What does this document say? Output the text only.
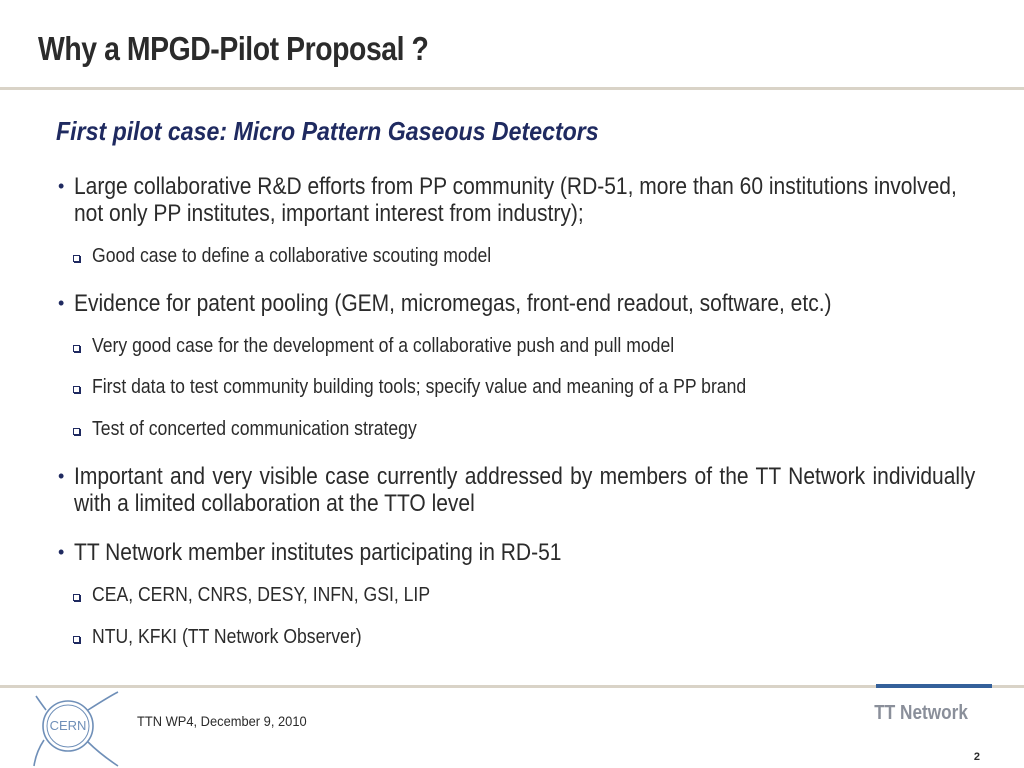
Why a MPGD-Pilot Proposal ?
First pilot case: Micro Pattern Gaseous Detectors
• Large collaborative R&D efforts from PP community (RD-51, more than 60 institutions involved, not only PP institutes, important interest from industry);
Good case to define a collaborative scouting model
• Evidence for patent pooling (GEM, micromegas, front-end readout, software, etc.)
Very good case for the development of a collaborative push and pull model
First data to test community building tools; specify value and meaning of a PP brand
Test of concerted communication strategy
• Important and very visible case currently addressed by members of the TT Network individually with a limited collaboration at the TTO level
• TT Network member institutes participating in RD-51
CEA, CERN, CNRS, DESY, INFN, GSI, LIP
NTU, KFKI (TT Network Observer)
CERN	TTN WP4, December 9, 2010	TT Network
2
